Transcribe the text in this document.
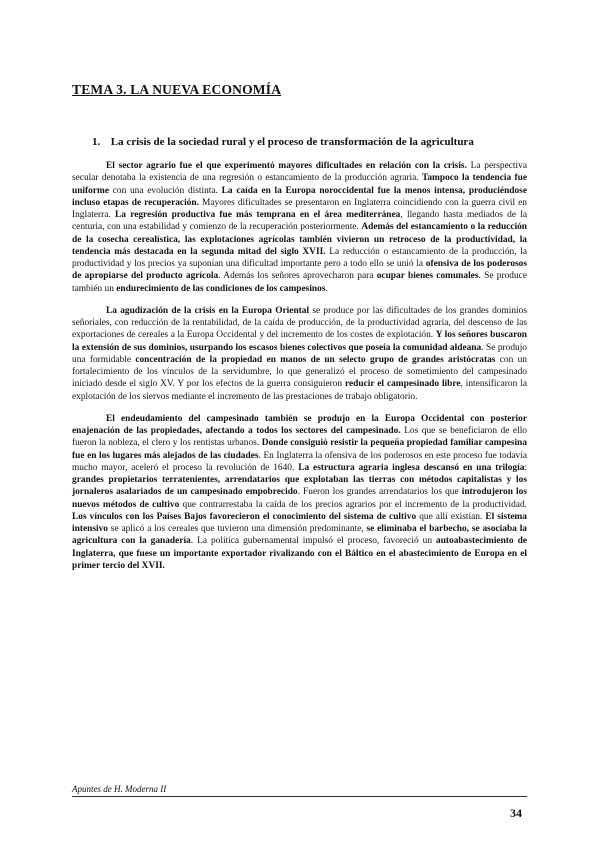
TEMA 3. LA NUEVA ECONOMÍA
1. La crisis de la sociedad rural y el proceso de transformación de la agricultura

El sector agrario fue el que experimentó mayores dificultades en relación con la crisis. La perspectiva secular denotaba la existencia de una regresión o estancamiento de la producción agraria. Tampoco la tendencia fue uniforme con una evolución distinta. La caída en la Europa noroccidental fue la menos intensa, produciéndose incluso etapas de recuperación. Mayores dificultades se presentaron en Inglaterra coincidiendo con la guerra civil en Inglaterra. La regresión productiva fue más temprana en el área mediterránea, llegando hasta mediados de la centuria, con una estabilidad y comienzo de la recuperación posteriormente. Además del estancamiento o la reducción de la cosecha cerealística, las explotaciones agrícolas también vivieron un retroceso de la productividad, la tendencia más destacada en la segunda mitad del siglo XVII. La reducción o estancamiento de la producción, la productividad y los precios ya suponían una dificultad importante pero a todo ello se unió la ofensiva de los poderosos de apropiarse del producto agrícola. Además los señores aprovecharon para ocupar bienes comunales. Se produce también un endurecimiento de las condiciones de los campesinos.

La agudización de la crisis en la Europa Oriental se produce por las dificultades de los grandes dominios señoriales, con reducción de la rentabilidad, de la caída de producción, de la productividad agraria, del descenso de las exportaciones de cereales a la Europa Occidental y del incremento de los costes de explotación. Y los señores buscaron la extensión de sus dominios, usurpando los escasos bienes colectivos que poseía la comunidad aldeana. Se produjo una formidable concentración de la propiedad en manos de un selecto grupo de grandes aristócratas con un fortalecimiento de los vínculos de la servidumbre, lo que generalizó el proceso de sometimiento del campesinado iniciado desde el siglo XV. Y por los efectos de la guerra consiguieron reducir el campesinado libre, intensificaron la explotación de los siervos mediante el incremento de las prestaciones de trabajo obligatorio.

El endeudamiento del campesinado también se produjo en la Europa Occidental con posterior enajenación de las propiedades, afectando a todos los sectores del campesinado. Los que se beneficiaron de ello fueron la nobleza, el clero y los rentistas urbanos. Donde consiguió resistir la pequeña propiedad familiar campesina fue en los lugares más alejados de las ciudades. En Inglaterra la ofensiva de los poderosos en este proceso fue todavía mucho mayor, aceleró el proceso la revolución de 1640. La estructura agraria inglesa descansó en una trilogía: grandes propietarios terratenientes, arrendatarios que explotaban las tierras con métodos capitalistas y los jornaleros asalariados de un campesinado empobrecido. Fueron los grandes arrendatarios los que introdujeron los nuevos métodos de cultivo que contrarrestaba la caída de los precios agrarios por el incremento de la productividad. Los vínculos con los Países Bajos favorecieron el conocimiento del sistema de cultivo que allí existían. El sistema intensivo se aplicó a los cereales que tuvieron una dimensión predominante, se eliminaba el barbecho, se asociaba la agricultura con la ganadería. La política gubernamental impulsó el proceso, favoreció un autoabastecimiento de Inglaterra, que fuese un importante exportador rivalizando con el Báltico en el abastecimiento de Europa en el primer tercio del XVII.

Apuntes de H. Moderna II

34
